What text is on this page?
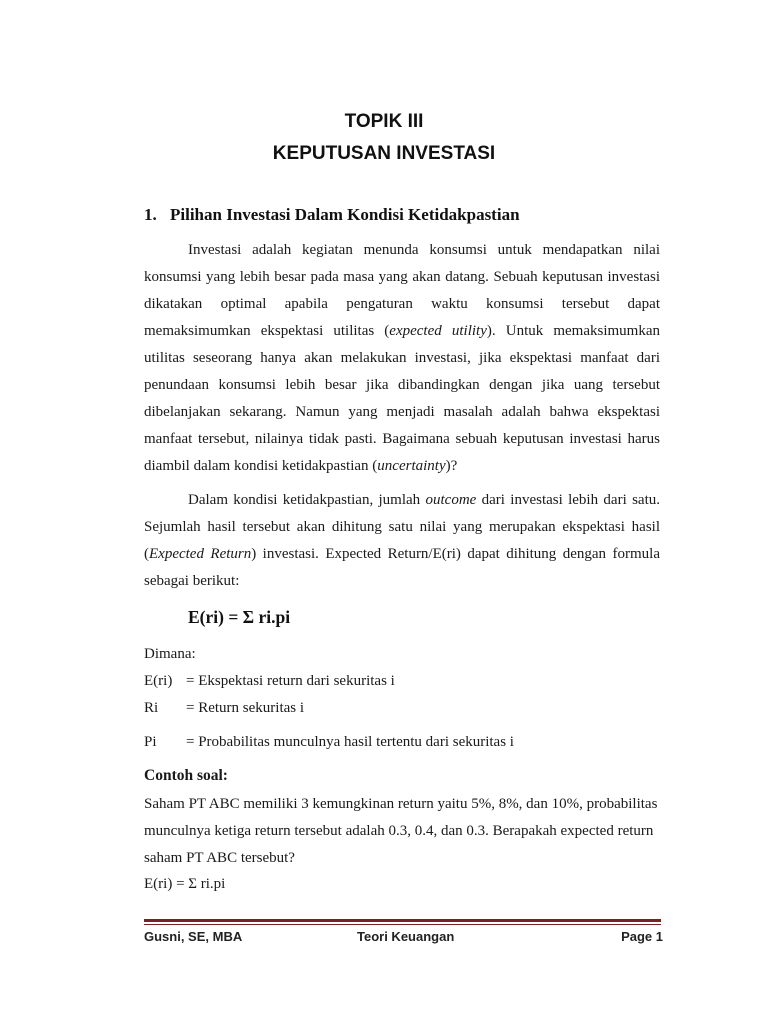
TOPIK III
KEPUTUSAN INVESTASI
1. Pilihan Investasi Dalam Kondisi Ketidakpastian

Investasi adalah kegiatan menunda konsumsi untuk mendapatkan nilai konsumsi yang lebih besar pada masa yang akan datang. Sebuah keputusan investasi dikatakan optimal apabila pengaturan waktu konsumsi tersebut dapat memaksimumkan ekspektasi utilitas (expected utility). Untuk memaksimumkan utilitas seseorang hanya akan melakukan investasi, jika ekspektasi manfaat dari penundaan konsumsi lebih besar jika dibandingkan dengan jika uang tersebut dibelanjakan sekarang. Namun yang menjadi masalah adalah bahwa ekspektasi manfaat tersebut, nilainya tidak pasti. Bagaimana sebuah keputusan investasi harus diambil dalam kondisi ketidakpastian (uncertainty)?

Dalam kondisi ketidakpastian, jumlah outcome dari investasi lebih dari satu. Sejumlah hasil tersebut akan dihitung satu nilai yang merupakan ekspektasi hasil (Expected Return) investasi. Expected Return/E(ri) dapat dihitung dengan formula sebagai berikut:

E(ri) = Σ ri.pi
Dimana:
E(ri) = Ekspektasi return dari sekuritas i
Ri = Return sekuritas i
Pi = Probabilitas munculnya hasil tertentu dari sekuritas i
Contoh soal:

Saham PT ABC memiliki 3 kemungkinan return yaitu 5%, 8%, dan 10%, probabilitas munculnya ketiga return tersebut adalah 0.3, 0.4, dan 0.3. Berapakah expected return saham PT ABC tersebut?

E(ri) = Σ ri.pi
Gusni, SE, MBA	Teori Keuangan	Page 1
